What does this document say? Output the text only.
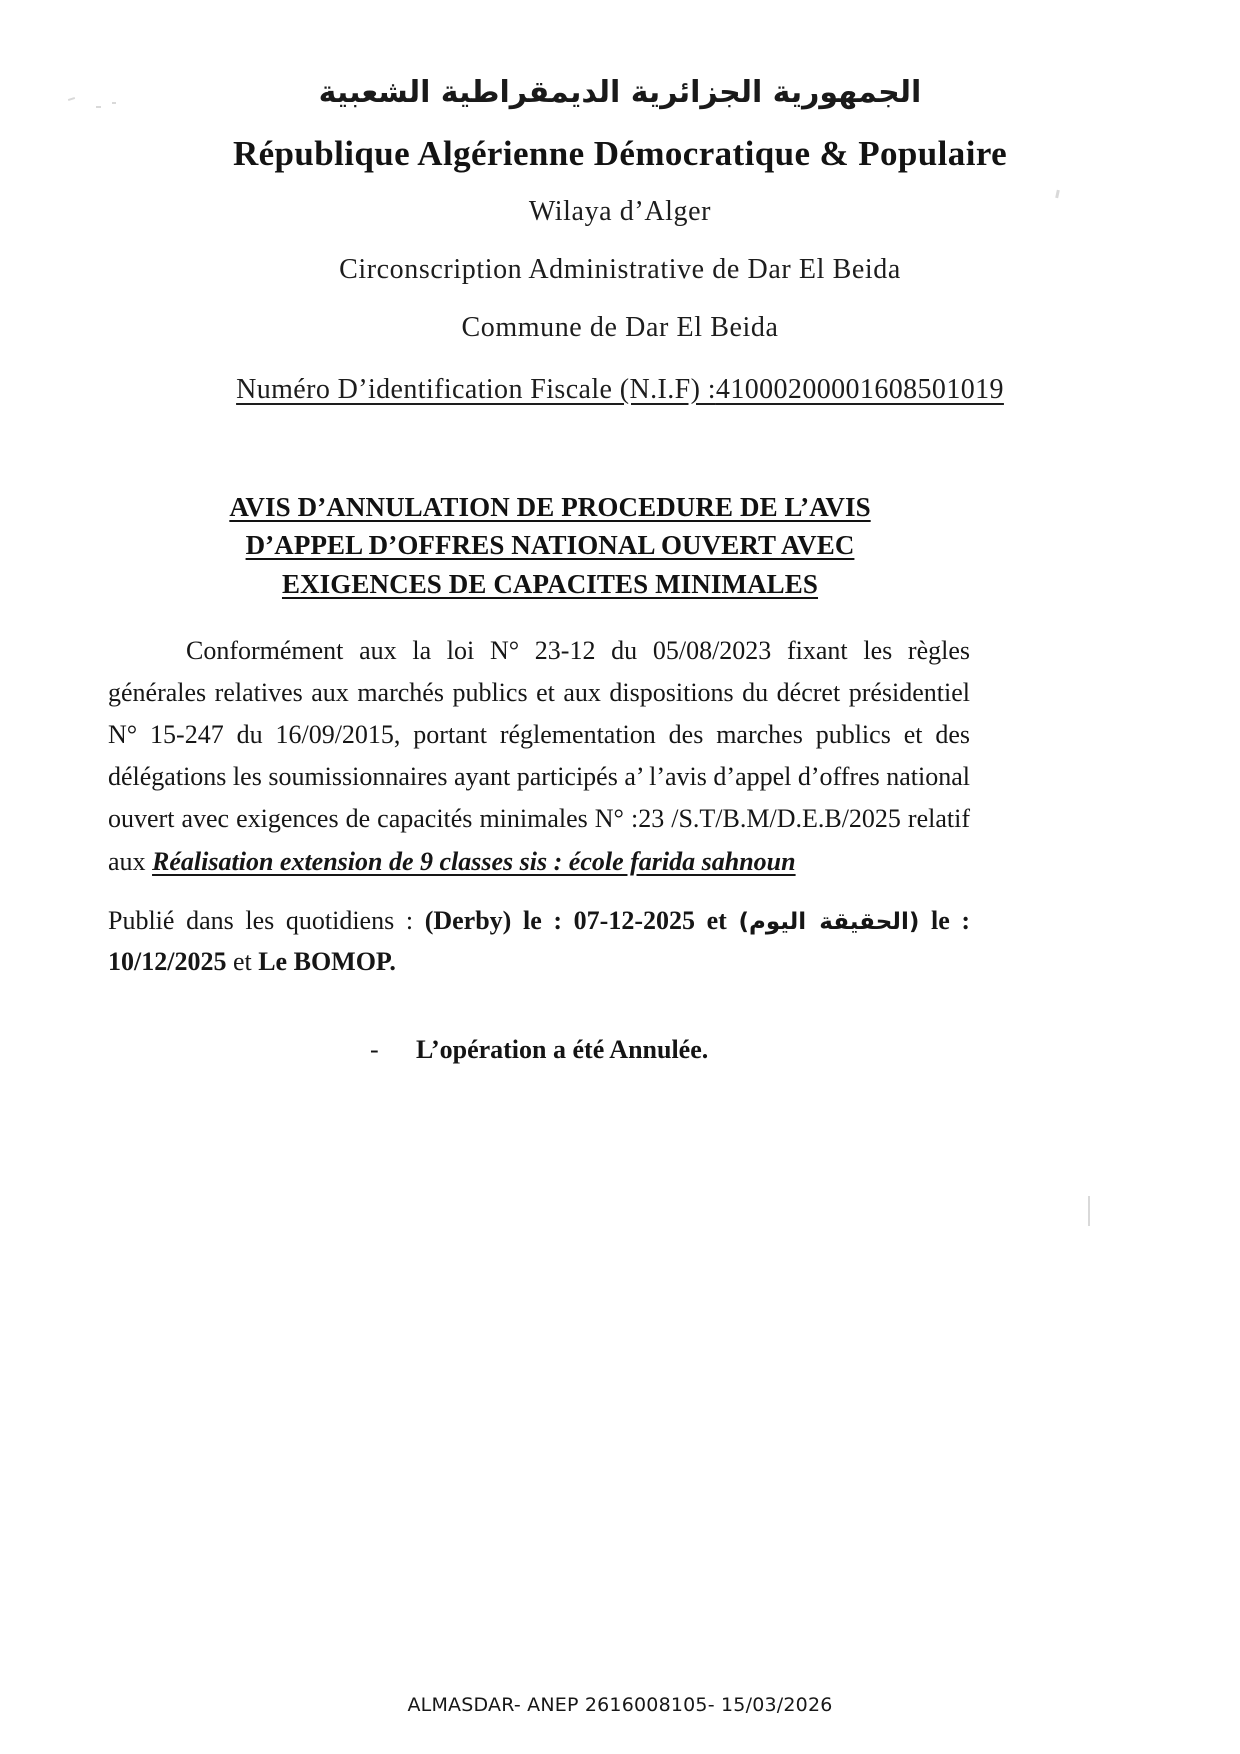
الجمهورية الجزائرية الديمقراطية الشعبية
République Algérienne Démocratique & Populaire
Wilaya d’Alger
Circonscription Administrative de Dar El Beida
Commune de Dar El Beida
Numéro D’identification Fiscale (N.I.F) :41000200001608501019
AVIS D’ANNULATION DE PROCEDURE DE L’AVIS
D’APPEL D’OFFRES NATIONAL OUVERT AVEC
EXIGENCES DE CAPACITES MINIMALES

Conformément aux la loi N° 23-12 du 05/08/2023 fixant les règles générales relatives aux marchés publics et aux dispositions du décret présidentiel N° 15-247 du 16/09/2015, portant réglementation des marches publics et des délégations les soumissionnaires ayant participés a’ l’avis d’appel d’offres national ouvert avec exigences de capacités minimales N° :23 /S.T/B.M/D.E.B/2025 relatif aux Réalisation extension de 9 classes sis : école farida sahnoun

Publié dans les quotidiens : (Derby) le : 07-12-2025 et (الحقيقة اليوم) le : 10/12/2025 et Le BOMOP.

- L’opération a été Annulée.
ALMASDAR- ANEP 2616008105- 15/03/2026
